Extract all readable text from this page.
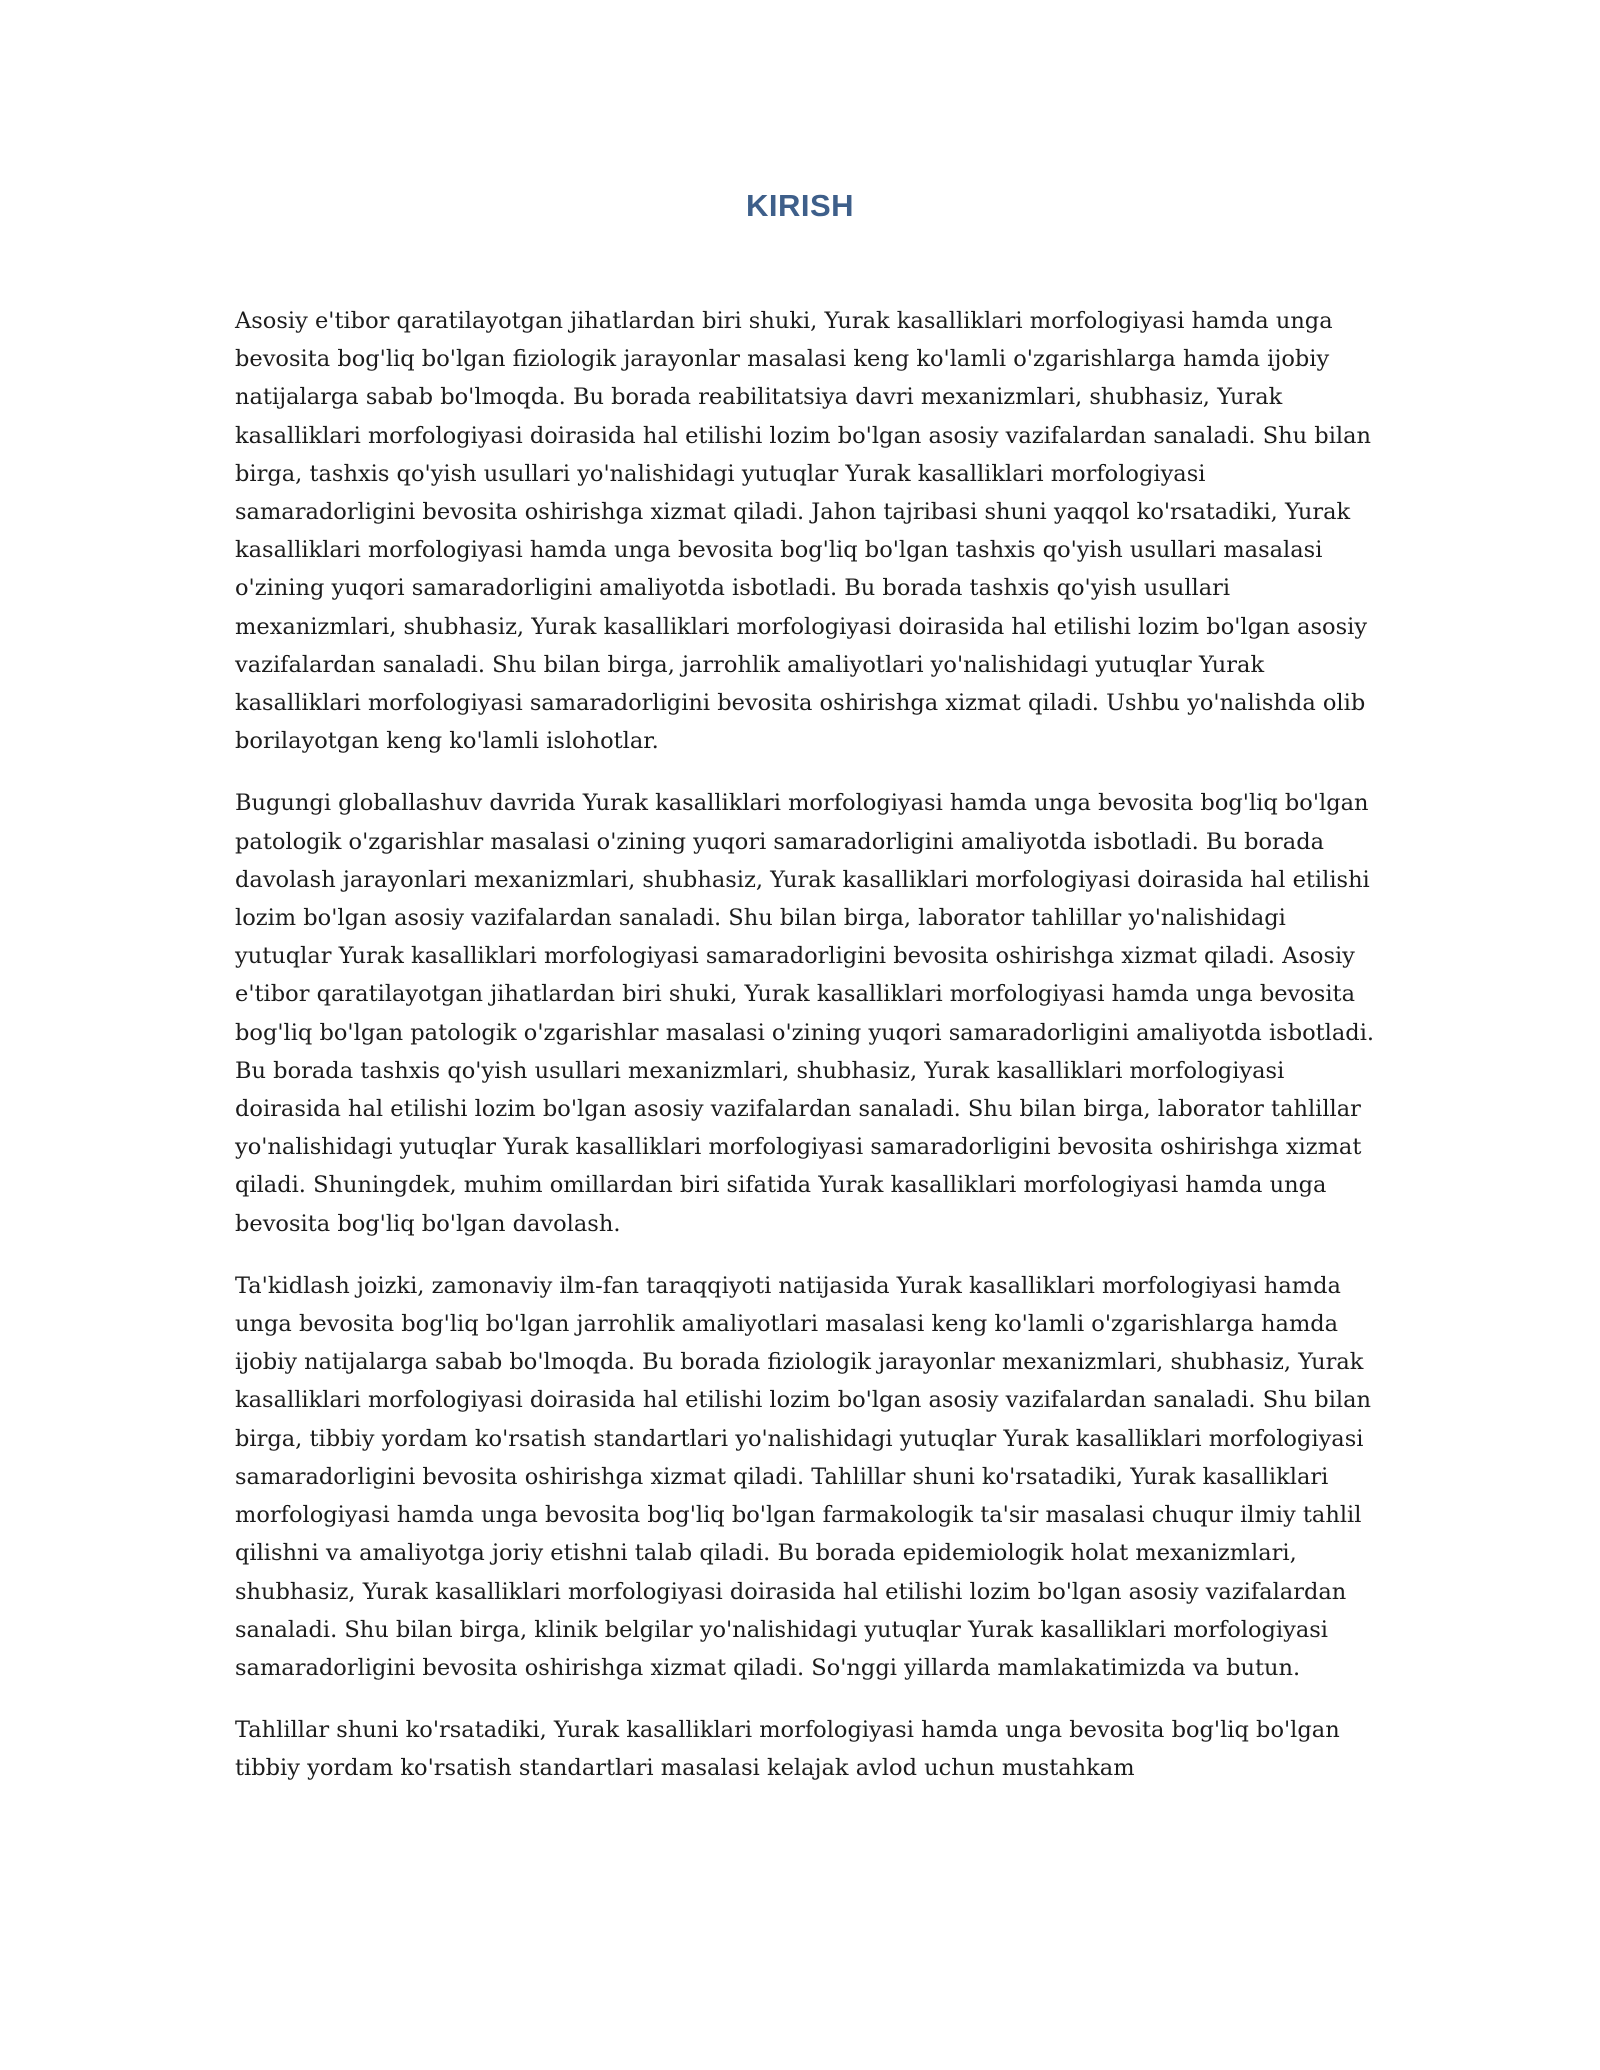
KIRISH

Asosiy e'tibor qaratilayotgan jihatlardan biri shuki, Yurak kasalliklari morfologiyasi hamda unga bevosita bog'liq bo'lgan fiziologik jarayonlar masalasi keng ko'lamli o'zgarishlarga hamda ijobiy natijalarga sabab bo'lmoqda. Bu borada reabilitatsiya davri mexanizmlari, shubhasiz, Yurak kasalliklari morfologiyasi doirasida hal etilishi lozim bo'lgan asosiy vazifalardan sanaladi. Shu bilan birga, tashxis qo'yish usullari yo'nalishidagi yutuqlar Yurak kasalliklari morfologiyasi samaradorligini bevosita oshirishga xizmat qiladi. Jahon tajribasi shuni yaqqol ko'rsatadiki, Yurak kasalliklari morfologiyasi hamda unga bevosita bog'liq bo'lgan tashxis qo'yish usullari masalasi o'zining yuqori samaradorligini amaliyotda isbotladi. Bu borada tashxis qo'yish usullari mexanizmlari, shubhasiz, Yurak kasalliklari morfologiyasi doirasida hal etilishi lozim bo'lgan asosiy vazifalardan sanaladi. Shu bilan birga, jarrohlik amaliyotlari yo'nalishidagi yutuqlar Yurak kasalliklari morfologiyasi samaradorligini bevosita oshirishga xizmat qiladi. Ushbu yo'nalishda olib borilayotgan keng ko'lamli islohotlar.

Bugungi globallashuv davrida Yurak kasalliklari morfologiyasi hamda unga bevosita bog'liq bo'lgan patologik o'zgarishlar masalasi o'zining yuqori samaradorligini amaliyotda isbotladi. Bu borada davolash jarayonlari mexanizmlari, shubhasiz, Yurak kasalliklari morfologiyasi doirasida hal etilishi lozim bo'lgan asosiy vazifalardan sanaladi. Shu bilan birga, laborator tahlillar yo'nalishidagi yutuqlar Yurak kasalliklari morfologiyasi samaradorligini bevosita oshirishga xizmat qiladi. Asosiy e'tibor qaratilayotgan jihatlardan biri shuki, Yurak kasalliklari morfologiyasi hamda unga bevosita bog'liq bo'lgan patologik o'zgarishlar masalasi o'zining yuqori samaradorligini amaliyotda isbotladi. Bu borada tashxis qo'yish usullari mexanizmlari, shubhasiz, Yurak kasalliklari morfologiyasi doirasida hal etilishi lozim bo'lgan asosiy vazifalardan sanaladi. Shu bilan birga, laborator tahlillar yo'nalishidagi yutuqlar Yurak kasalliklari morfologiyasi samaradorligini bevosita oshirishga xizmat qiladi. Shuningdek, muhim omillardan biri sifatida Yurak kasalliklari morfologiyasi hamda unga bevosita bog'liq bo'lgan davolash.

Ta'kidlash joizki, zamonaviy ilm-fan taraqqiyoti natijasida Yurak kasalliklari morfologiyasi hamda unga bevosita bog'liq bo'lgan jarrohlik amaliyotlari masalasi keng ko'lamli o'zgarishlarga hamda ijobiy natijalarga sabab bo'lmoqda. Bu borada fiziologik jarayonlar mexanizmlari, shubhasiz, Yurak kasalliklari morfologiyasi doirasida hal etilishi lozim bo'lgan asosiy vazifalardan sanaladi. Shu bilan birga, tibbiy yordam ko'rsatish standartlari yo'nalishidagi yutuqlar Yurak kasalliklari morfologiyasi samaradorligini bevosita oshirishga xizmat qiladi. Tahlillar shuni ko'rsatadiki, Yurak kasalliklari morfologiyasi hamda unga bevosita bog'liq bo'lgan farmakologik ta'sir masalasi chuqur ilmiy tahlil qilishni va amaliyotga joriy etishni talab qiladi. Bu borada epidemiologik holat mexanizmlari, shubhasiz, Yurak kasalliklari morfologiyasi doirasida hal etilishi lozim bo'lgan asosiy vazifalardan sanaladi. Shu bilan birga, klinik belgilar yo'nalishidagi yutuqlar Yurak kasalliklari morfologiyasi samaradorligini bevosita oshirishga xizmat qiladi. So'nggi yillarda mamlakatimizda va butun.

Tahlillar shuni ko'rsatadiki, Yurak kasalliklari morfologiyasi hamda unga bevosita bog'liq bo'lgan tibbiy yordam ko'rsatish standartlari masalasi kelajak avlod uchun mustahkam
